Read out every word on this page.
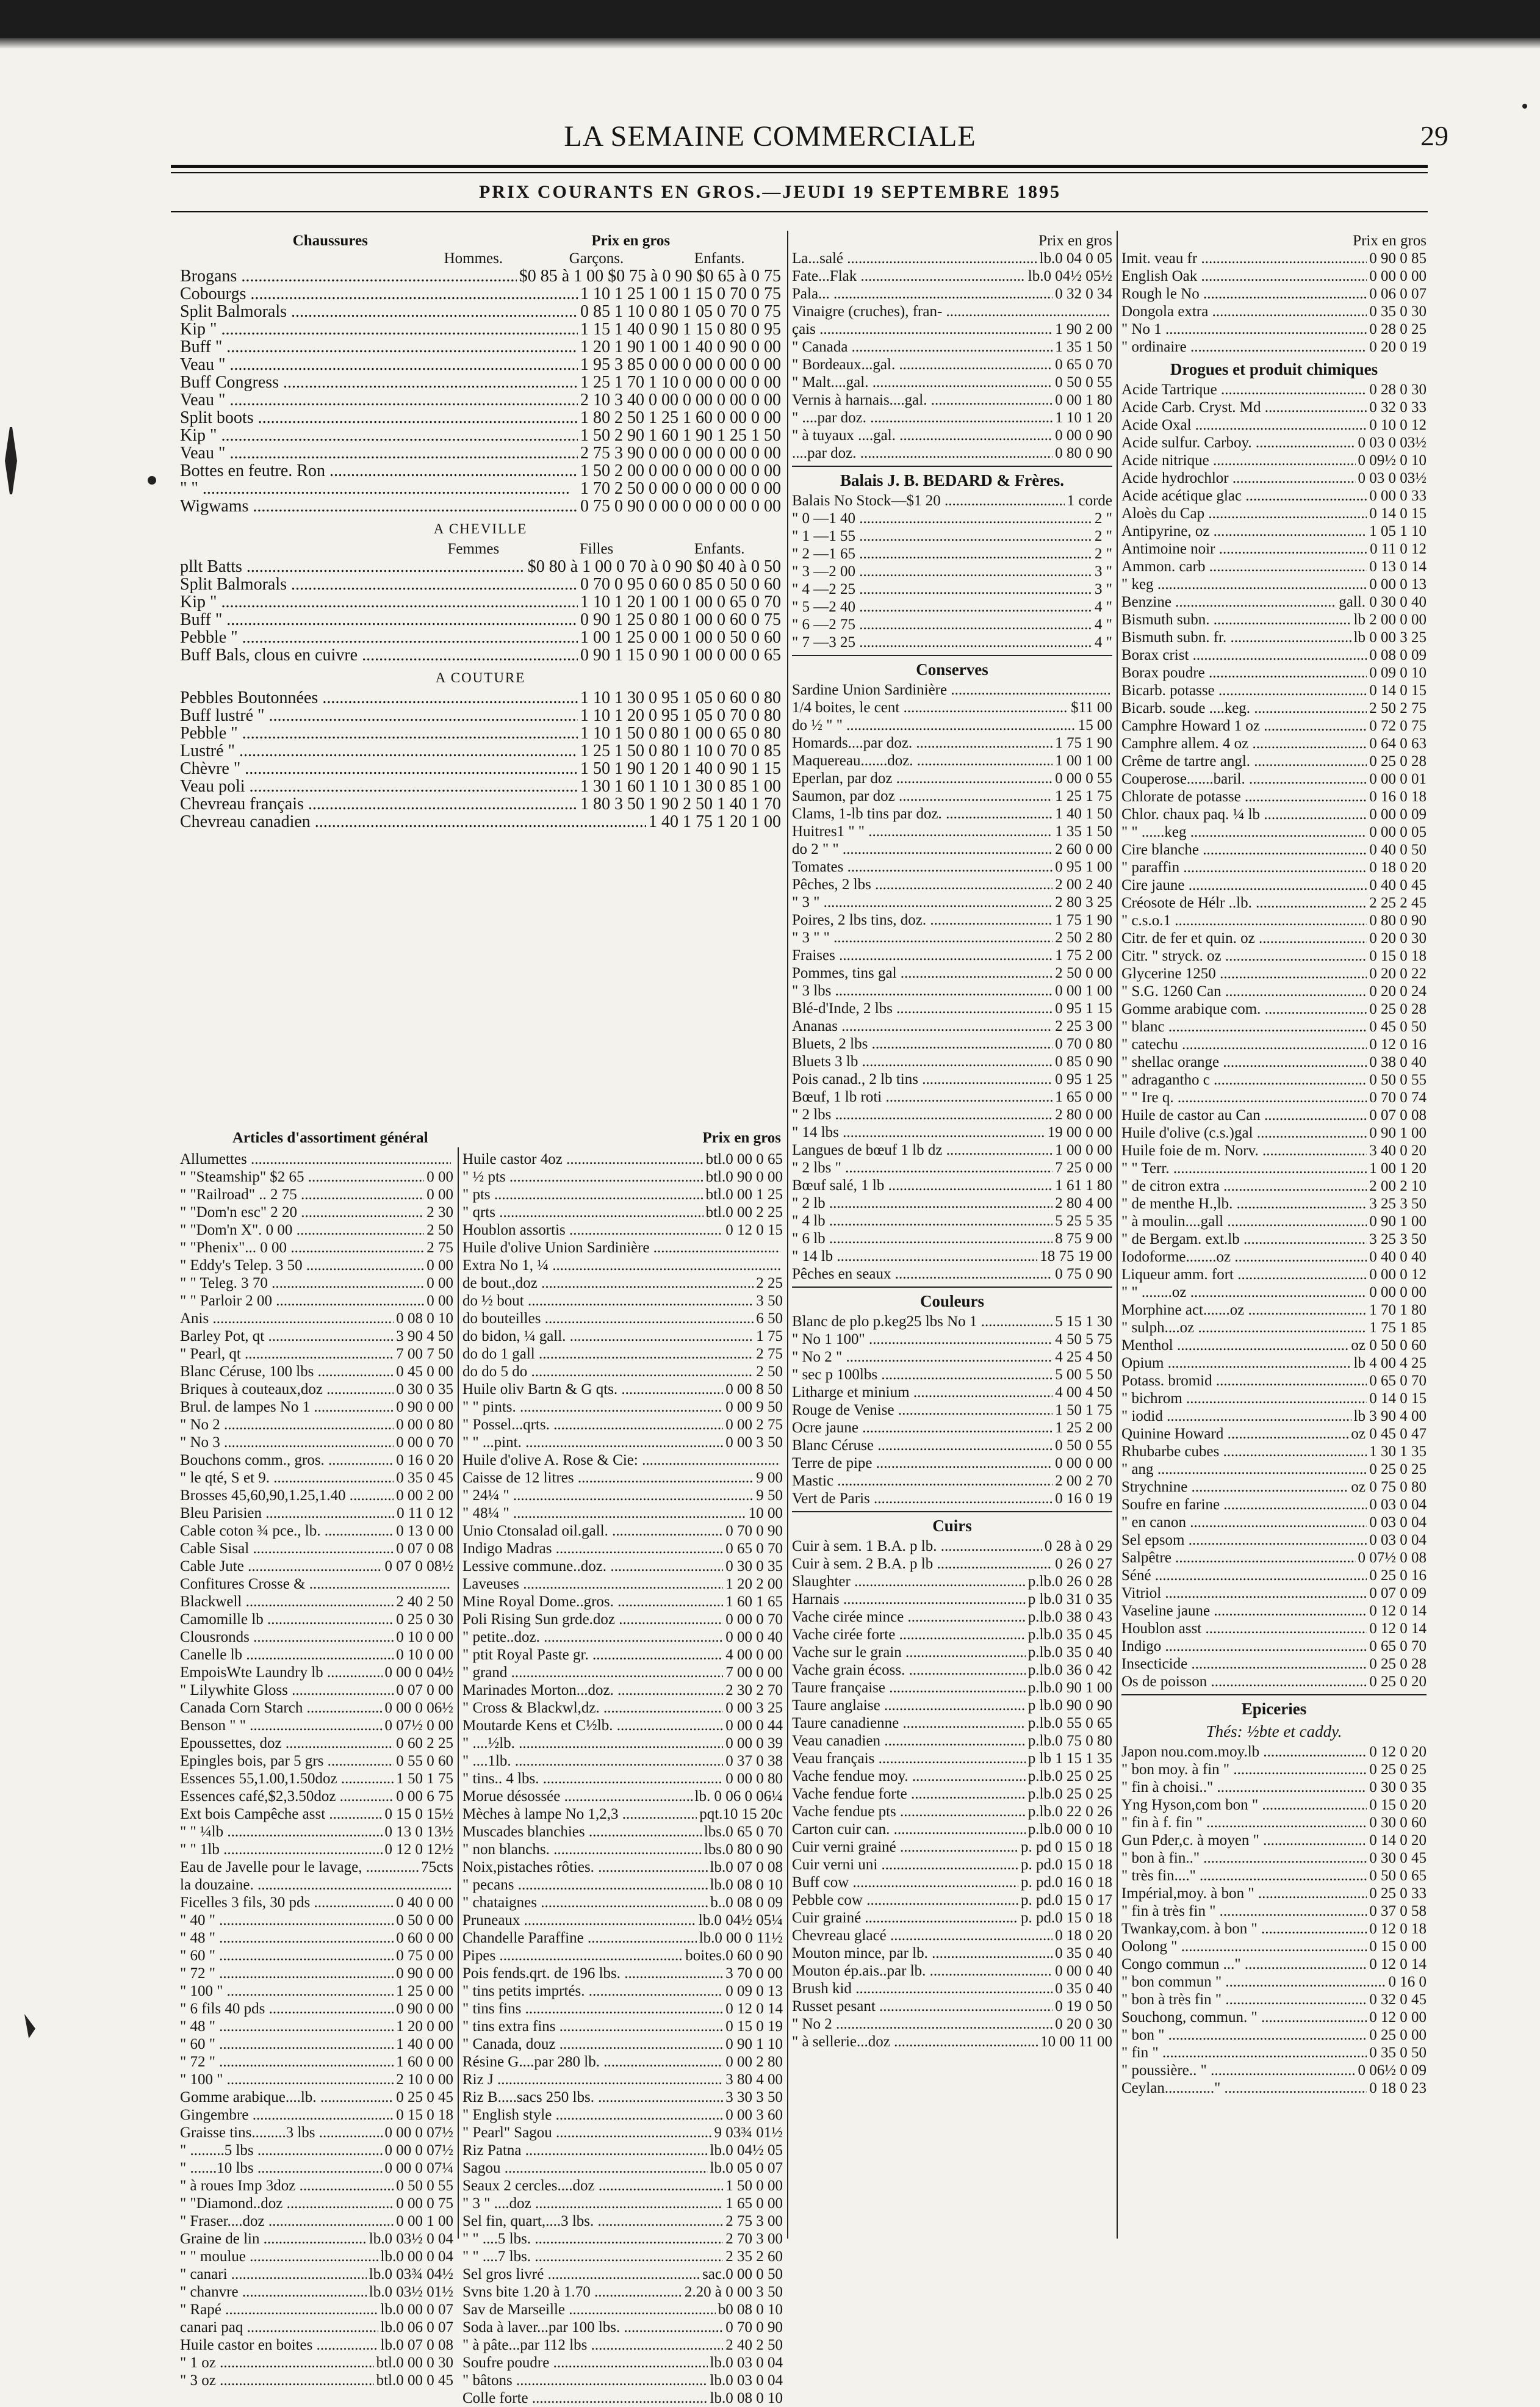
LA SEMAINE COMMERCIALE	29
PRIX COURANTS EN GROS.—JEUDI 19 SEPTEMBRE 1895
Chaussures	Prix en gros
Hommes.	Garçons.	Enfants.
Brogans .....	$0 85 à 1 00 $0 75 à 0 90 $0 65 à 0 75
Cobourgs .....	1 10 1 25 1 00 1 15 0 70 0 75
Split Balmorals .....	0 85 1 10 0 80 1 05 0 70 0 75
Kip " .....	1 15 1 40 0 90 1 15 0 80 0 95
Buff " .....	1 20 1 90 1 00 1 40 0 90 0 00
Veau " .....	1 95 3 85 0 00 0 00 0 00 0 00
Buff Congress .....	1 25 1 70 1 10 0 00 0 00 0 00
Veau " .....	2 10 3 40 0 00 0 00 0 00 0 00
Split boots .....	1 80 2 50 1 25 1 60 0 00 0 00
Kip " .....	1 50 2 90 1 60 1 90 1 25 1 50
Veau " .....	2 75 3 90 0 00 0 00 0 00 0 00
Bottes en feutre. Ron .....	1 50 2 00 0 00 0 00 0 00 0 00
" " .....	1 70 2 50 0 00 0 00 0 00 0 00
Wigwams .....	0 75 0 90 0 00 0 00 0 00 0 00
A CHEVILLE
Femmes	Filles	Enfants.
pllt Batts .....	$0 80 à 1 00 0 70 à 0 90 $0 40 à 0 50
Split Balmorals .....	0 70 0 95 0 60 0 85 0 50 0 60
Kip " .....	1 10 1 20 1 00 1 00 0 65 0 70
Buff " .....	0 90 1 25 0 80 1 00 0 60 0 75
Pebble " .....	1 00 1 25 0 00 1 00 0 50 0 60
Buff Bals, clous en cuivre .....	0 90 1 15 0 90 1 00 0 00 0 65
A COUTURE
Pebbles Boutonnées .....	1 10 1 30 0 95 1 05 0 60 0 80
Buff lustré " .....	1 10 1 20 0 95 1 05 0 70 0 80
Pebble " .....	1 10 1 50 0 80 1 00 0 65 0 80
Lustré " .....	1 25 1 50 0 80 1 10 0 70 0 85
Chèvre " .....	1 50 1 90 1 20 1 40 0 90 1 15
Veau poli .....	1 30 1 60 1 10 1 30 0 85 1 00
Chevreau français .....	1 80 3 50 1 90 2 50 1 40 1 70
Chevreau canadien .....	1 40 1 75 1 20 1 00
Articles d'assortiment général	Prix en gros
Allumettes .....
" "Steamship" $2 65 .....	0 00
" "Railroad" .. 2 75 .....	0 00
" "Dom'n esc" 2 20 .....	2 30
" "Dom'n X". 0 00 .....	2 50
" "Phenix"... 0 00 .....	2 75
" Eddy's Telep. 3 50 .....	0 00
" " Teleg. 3 70 .....	0 00
" " Parloir 2 00 .....	0 00
Anis .....	0 08 0 10
Barley Pot, qt .....	3 90 4 50
" Pearl, qt .....	7 00 7 50
Blanc Céruse, 100 lbs .....	0 45 0 00
Briques à couteaux,doz .....	0 30 0 35
Brul. de lampes No 1 .....	0 90 0 00
" No 2 .....	0 00 0 80
" No 3 .....	0 00 0 70
Bouchons comm., gros. .....	0 16 0 20
" le qté, S et 9. .....	0 35 0 45
Brosses 45,60,90,1.25,1.40 .....	0 00 2 00
Bleu Parisien .....	0 11 0 12
Cable coton ¾ pce., lb. .....	0 13 0 00
Cable Sisal .....	0 07 0 08
Cable Jute .....	0 07 0 08½
Confitures Crosse & .....
Blackwell .....	2 40 2 50
Camomille lb .....	0 25 0 30
Clousronds .....	0 10 0 00
Canelle lb .....	0 10 0 00
EmpoisWte Laundry lb .....	0 00 0 04½
" Lilywhite Gloss .....	0 07 0 00
Canada Corn Starch .....	0 00 0 06½
Benson " " .....	0 07½ 0 00
Epoussettes, doz .....	0 60 2 25
Epingles bois, par 5 grs .....	0 55 0 60
Essences 55,1.00,1.50doz .....	1 50 1 75
Essences café,$2,3.50doz .....	0 00 6 75
Ext bois Campêche asst .....	0 15 0 15½
" " ¼lb .....	0 13 0 13½
" " 1lb .....	0 12 0 12½
Eau de Javelle pour le lavage, .....	75cts
la douzaine. .....
Ficelles 3 fils, 30 pds .....	0 40 0 00
" 40 " .....	0 50 0 00
" 48 " .....	0 60 0 00
" 60 " .....	0 75 0 00
" 72 " .....	0 90 0 00
" 100 " .....	1 25 0 00
" 6 fils 40 pds .....	0 90 0 00
" 48 " .....	1 20 0 00
" 60 " .....	1 40 0 00
" 72 " .....	1 60 0 00
" 100 " .....	2 10 0 00
Gomme arabique....lb. .....	0 25 0 45
Gingembre .....	0 15 0 18
Graisse tins.........3 lbs .....	0 00 0 07½
" .........5 lbs .....	0 00 0 07½
" .......10 lbs .....	0 00 0 07¼
" à roues Imp 3doz .....	0 50 0 55
" "Diamond..doz .....	0 00 0 75
" Fraser....doz .....	0 00 1 00
Graine de lin .....	lb.0 03½ 0 04
" " moulue .....	lb.0 00 0 04
" canari .....	lb.0 03¾ 04½
" chanvre .....	lb.0 03½ 01½
" Rapé .....	lb.0 00 0 07
canari paq .....	lb.0 06 0 07
Huile castor en boites .....	lb.0 07 0 08
" 1 oz .....	btl.0 00 0 30
" 3 oz .....	btl.0 00 0 45
Huile castor 4oz .....	btl.0 00 0 65
" ½ pts .....	btl.0 90 0 00
" pts .....	btl.0 00 1 25
" qrts .....	btl.0 00 2 25
Houblon assortis .....	0 12 0 15
Huile d'olive Union Sardinière .....
Extra No 1, ¼ .....
de bout.,doz .....	2 25
do ½ bout .....	3 50
do bouteilles .....	6 50
do bidon, ¼ gall. .....	1 75
do do 1 gall .....	2 75
do do 5 do .....	2 50
Huile oliv Bartn & G qts. .....	0 00 8 50
" " pints. .....	0 00 9 50
" Possel...qrts. .....	0 00 2 75
" " ...pint. .....	0 00 3 50
Huile d'olive A. Rose & Cie: .....
Caisse de 12 litres .....	9 00
" 24¼ " .....	9 50
" 48¼ " .....	10 00
Unio Ctonsalad oil.gall. .....	0 70 0 90
Indigo Madras .....	0 65 0 70
Lessive commune..doz. .....	0 30 0 35
Laveuses .....	1 20 2 00
Mine Royal Dome..gros. .....	1 60 1 65
Poli Rising Sun grde.doz .....	0 00 0 70
" petite..doz. .....	0 00 0 40
" ptit Royal Paste gr. .....	4 00 0 00
" grand .....	7 00 0 00
Marinades Morton...doz. .....	2 30 2 70
" Cross & Blackwl,dz. .....	0 00 3 25
Moutarde Kens et C½lb. .....	0 00 0 44
" ....½lb. .....	0 00 0 39
" ....1lb. .....	0 37 0 38
" tins.. 4 lbs. .....	0 00 0 80
Morue désossée .....	lb. 0 06 0 06¼
Mèches à lampe No 1,2,3 .....	pqt.10 15 20c
Muscades blanchies .....	lbs.0 65 0 70
" non blanchs. .....	lbs.0 80 0 90
Noix,pistaches rôties. .....	lb.0 07 0 08
" pecans .....	lb.0 08 0 10
" chataignes .....	b..0 08 0 09
Pruneaux .....	lb.0 04½ 05¼
Chandelle Paraffine .....	lb.0 00 0 11½
Pipes .....	boites.0 60 0 90
Pois fends.qrt. de 196 lbs. .....	3 70 0 00
" tins petits imprtés. .....	0 09 0 13
" tins fins .....	0 12 0 14
" tins extra fins .....	0 15 0 19
" Canada, douz .....	0 90 1 10
Résine G....par 280 lb. .....	0 00 2 80
Riz J .....	3 80 4 00
Riz B.....sacs 250 lbs. .....	3 30 3 50
" English style .....	0 00 3 60
" Pearl" Sagou .....	9 03¾ 01½
Riz Patna .....	lb.0 04½ 05
Sagou .....	lb.0 05 0 07
Seaux 2 cercles....doz .....	1 50 0 00
" 3 " ....doz .....	1 65 0 00
Sel fin, quart,....3 lbs. .....	2 75 3 00
" " ....5 lbs. .....	2 70 3 00
" " ....7 lbs. .....	2 35 2 60
Sel gros livré .....	sac.0 00 0 50
Svns bite 1.20 à 1.70 .....	2.20 à 0 00 3 50
Sav de Marseille .....	b0 08 0 10
Soda à laver...par 100 lbs. .....	0 70 0 90
" à pâte...par 112 lbs .....	2 40 2 50
Soufre poudre .....	lb.0 03 0 04
" bâtons .....	lb.0 03 0 04
Colle forte .....	lb.0 08 0 10
Prix en gros
La...salé .....	lb.0 04 0 05
Fate...Flak .....	lb.0 04½ 05½
Pala... .....	0 32 0 34
Vinaigre (cruches), fran- .....
çais .....	1 90 2 00
" Canada .....	1 35 1 50
" Bordeaux...gal. .....	0 65 0 70
" Malt....gal. .....	0 50 0 55
Vernis à harnais....gal. .....	0 00 1 80
" ....par doz. .....	1 10 1 20
" à tuyaux ....gal. .....	0 00 0 90
....par doz. .....	0 80 0 90
Balais J. B. BEDARD & Frères.
Balais No Stock—$1 20 .....	1 corde
" 0 —1 40 .....	2 "
" 1 —1 55 .....	2 "
" 2 —1 65 .....	2 "
" 3 —2 00 .....	3 "
" 4 —2 25 .....	3 "
" 5 —2 40 .....	4 "
" 6 —2 75 .....	4 "
" 7 —3 25 .....	4 "
Conserves
Sardine Union Sardinière .....
1/4 boites, le cent .....	$11 00
do ½ " " .....	15 00
Homards....par doz. .....	1 75 1 90
Maquereau.......doz. .....	1 00 1 00
Eperlan, par doz .....	0 00 0 55
Saumon, par doz .....	1 25 1 75
Clams, 1-lb tins par doz. .....	1 40 1 50
Huitres1 " " .....	1 35 1 50
do 2 " " .....	2 60 0 00
Tomates .....	0 95 1 00
Pêches, 2 lbs .....	2 00 2 40
" 3 " .....	2 80 3 25
Poires, 2 lbs tins, doz. .....	1 75 1 90
" 3 " " .....	2 50 2 80
Fraises .....	1 75 2 00
Pommes, tins gal .....	2 50 0 00
" 3 lbs .....	0 00 1 00
Blé-d'Inde, 2 lbs .....	0 95 1 15
Ananas .....	2 25 3 00
Bluets, 2 lbs .....	0 70 0 80
Bluets 3 lb .....	0 85 0 90
Pois canad., 2 lb tins .....	0 95 1 25
Bœuf, 1 lb roti .....	1 65 0 00
" 2 lbs .....	2 80 0 00
" 14 lbs .....	19 00 0 00
Langues de bœuf 1 lb dz .....	1 00 0 00
" 2 lbs " .....	7 25 0 00
Bœuf salé, 1 lb .....	1 61 1 80
" 2 lb .....	2 80 4 00
" 4 lb .....	5 25 5 35
" 6 lb .....	8 75 9 00
" 14 lb .....	18 75 19 00
Pêches en seaux .....	0 75 0 90
Couleurs
Blanc de plo p.keg25 lbs No 1 .....	5 15 1 30
" No 1 100" .....	4 50 5 75
" No 2 " .....	4 25 4 50
" sec p 100lbs .....	5 00 5 50
Litharge et minium .....	4 00 4 50
Rouge de Venise .....	1 50 1 75
Ocre jaune .....	1 25 2 00
Blanc Céruse .....	0 50 0 55
Terre de pipe .....	0 00 0 00
Mastic .....	2 00 2 70
Vert de Paris .....	0 16 0 19
Cuirs
Cuir à sem. 1 B.A. p lb. .....	0 28 à 0 29
Cuir à sem. 2 B.A. p lb .....	0 26 0 27
Slaughter .....	p.lb.0 26 0 28
Harnais .....	p lb.0 31 0 35
Vache cirée mince .....	p.lb.0 38 0 43
Vache cirée forte .....	p.lb.0 35 0 45
Vache sur le grain .....	p.lb.0 35 0 40
Vache grain écoss. .....	p.lb.0 36 0 42
Taure française .....	p.lb.0 90 1 00
Taure anglaise .....	p lb.0 90 0 90
Taure canadienne .....	p.lb.0 55 0 65
Veau canadien .....	p.lb.0 75 0 80
Veau français .....	p lb 1 15 1 35
Vache fendue moy. .....	p.lb.0 25 0 25
Vache fendue forte .....	p.lb.0 25 0 25
Vache fendue pts .....	p.lb.0 22 0 26
Carton cuir can. .....	p.lb.0 00 0 10
Cuir verni grainé .....	p. pd 0 15 0 18
Cuir verni uni .....	p. pd.0 15 0 18
Buff cow .....	p. pd.0 16 0 18
Pebble cow .....	p. pd.0 15 0 17
Cuir grainé .....	p. pd.0 15 0 18
Chevreau glacé .....	0 18 0 20
Mouton mince, par lb. .....	0 35 0 40
Mouton ép.ais..par lb. .....	0 00 0 40
Brush kid .....	0 35 0 40
Russet pesant .....	0 19 0 50
" No 2 .....	0 20 0 30
" à sellerie...doz .....	10 00 11 00
Prix en gros
Imit. veau fr .....	0 90 0 85
English Oak .....	0 00 0 00
Rough le No .....	0 06 0 07
Dongola extra .....	0 35 0 30
" No 1 .....	0 28 0 25
" ordinaire .....	0 20 0 19
Drogues et produit chimiques
Acide Tartrique .....	0 28 0 30
Acide Carb. Cryst. Md .....	0 32 0 33
Acide Oxal .....	0 10 0 12
Acide sulfur. Carboy. .....	0 03 0 03½
Acide nitrique .....	0 09½ 0 10
Acide hydrochlor .....	0 03 0 03½
Acide acétique glac .....	0 00 0 33
Aloès du Cap .....	0 14 0 15
Antipyrine, oz .....	1 05 1 10
Antimoine noir .....	0 11 0 12
Ammon. carb .....	0 13 0 14
" keg .....	0 00 0 13
Benzine .....	gall. 0 30 0 40
Bismuth subn. .....	lb 2 00 0 00
Bismuth subn. fr. .....	lb 0 00 3 25
Borax crist .....	0 08 0 09
Borax poudre .....	0 09 0 10
Bicarb. potasse .....	0 14 0 15
Bicarb. soude ....keg. .....	2 50 2 75
Camphre Howard 1 oz .....	0 72 0 75
Camphre allem. 4 oz .....	0 64 0 63
Crême de tartre angl. .....	0 25 0 28
Couperose.......baril. .....	0 00 0 01
Chlorate de potasse .....	0 16 0 18
Chlor. chaux paq. ¼ lb .....	0 00 0 09
" " ......keg .....	0 00 0 05
Cire blanche .....	0 40 0 50
" paraffin .....	0 18 0 20
Cire jaune .....	0 40 0 45
Créosote de Hélr ..lb. .....	2 25 2 45
" c.s.o.1 .....	0 80 0 90
Citr. de fer et quin. oz .....	0 20 0 30
Citr. " stryck. oz .....	0 15 0 18
Glycerine 1250 .....	0 20 0 22
" S.G. 1260 Can .....	0 20 0 24
Gomme arabique com. .....	0 25 0 28
" blanc .....	0 45 0 50
" catechu .....	0 12 0 16
" shellac orange .....	0 38 0 40
" adragantho c .....	0 50 0 55
" " Ire q. .....	0 70 0 74
Huile de castor au Can .....	0 07 0 08
Huile d'olive (c.s.)gal .....	0 90 1 00
Huile foie de m. Norv. .....	3 40 0 20
" " Terr. .....	1 00 1 20
" de citron extra .....	2 00 2 10
" de menthe H.,lb. .....	3 25 3 50
" à moulin....gall .....	0 90 1 00
" de Bergam. ext.lb .....	3 25 3 50
Iodoforme........oz .....	0 40 0 40
Liqueur amm. fort .....	0 00 0 12
" " ........oz .....	0 00 0 00
Morphine act.......oz .....	1 70 1 80
" sulph....oz .....	1 75 1 85
Menthol .....	oz 0 50 0 60
Opium .....	lb 4 00 4 25
Potass. bromid .....	0 65 0 70
" bichrom .....	0 14 0 15
" iodid .....	lb 3 90 4 00
Quinine Howard .....	oz 0 45 0 47
Rhubarbe cubes .....	1 30 1 35
" ang .....	0 25 0 25
Strychnine .....	oz 0 75 0 80
Soufre en farine .....	0 03 0 04
" en canon .....	0 03 0 04
Sel epsom .....	0 03 0 04
Salpêtre .....	0 07½ 0 08
Séné .....	0 25 0 16
Vitriol .....	0 07 0 09
Vaseline jaune .....	0 12 0 14
Houblon asst .....	0 12 0 14
Indigo .....	0 65 0 70
Insecticide .....	0 25 0 28
Os de poisson .....	0 25 0 20
Epiceries
Thés: ½bte et caddy.
Japon nou.com.moy.lb .....	0 12 0 20
" bon moy. à fin " .....	0 25 0 25
" fin à choisi.." .....	0 30 0 35
Yng Hyson,com bon " .....	0 15 0 20
" fin à f. fin " .....	0 30 0 60
Gun Pder,c. à moyen " .....	0 14 0 20
" bon à fin.." .....	0 30 0 45
" très fin...." .....	0 50 0 65
Impérial,moy. à bon " .....	0 25 0 33
" fin à très fin " .....	0 37 0 58
Twankay,com. à bon " .....	0 12 0 18
Oolong " .....	0 15 0 00
Congo commun ..." .....	0 12 0 14
" bon commun " .....	0 16 0
" bon à très fin " .....	0 32 0 45
Souchong, commun. " .....	0 12 0 00
" bon " .....	0 25 0 00
" fin " .....	0 35 0 50
" poussière.. " .....	0 06½ 0 09
Ceylan............." .....	0 18 0 23
